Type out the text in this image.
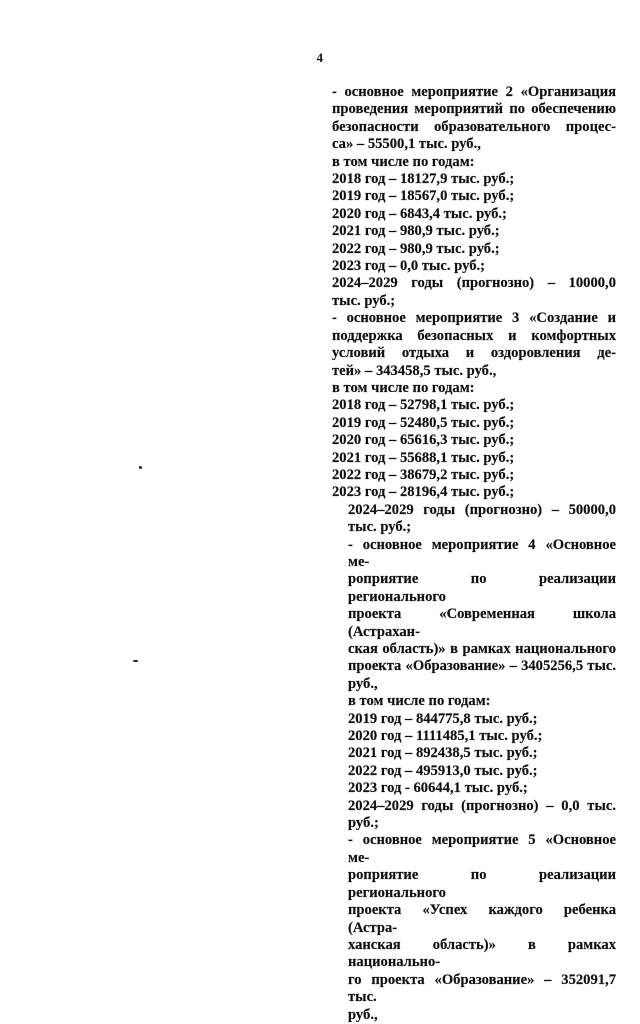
4
- основное мероприятие 2 «Организация
проведения мероприятий по обеспечению
безопасности образовательного процес-
са» – 55500,1 тыс. руб.,
в том числе по годам:
2018 год – 18127,9 тыс. руб.;
2019 год – 18567,0 тыс. руб.;
2020 год – 6843,4 тыс. руб.;
2021 год – 980,9 тыс. руб.;
2022 год – 980,9 тыс. руб.;
2023 год – 0,0 тыс. руб.;
2024–2029 годы (прогнозно) – 10000,0
тыс. руб.;
- основное мероприятие 3 «Создание и
поддержка безопасных и комфортных
условий отдыха и оздоровления де-
тей» – 343458,5 тыс. руб.,
в том числе по годам:
2018 год – 52798,1 тыс. руб.;
2019 год – 52480,5 тыс. руб.;
2020 год – 65616,3 тыс. руб.;
2021 год – 55688,1 тыс. руб.;
2022 год – 38679,2 тыс. руб.;
2023 год – 28196,4 тыс. руб.;
2024–2029 годы (прогнозно) – 50000,0
тыс. руб.;
- основное мероприятие 4 «Основное ме-
роприятие по реализации регионального
проекта «Современная школа (Астрахан-
ская область)» в рамках национального
проекта «Образование» – 3405256,5 тыс.
руб.,
в том числе по годам:
2019 год – 844775,8 тыс. руб.;
2020 год – 1111485,1 тыс. руб.;
2021 год – 892438,5 тыс. руб.;
2022 год – 495913,0 тыс. руб.;
2023 год - 60644,1 тыс. руб.;
2024–2029 годы (прогнозно) – 0,0 тыс.
руб.;
- основное мероприятие 5 «Основное ме-
роприятие по реализации регионального
проекта «Успех каждого ребенка (Астра-
ханская область)» в рамках национально-
го проекта «Образование» – 352091,7 тыс.
руб.,
